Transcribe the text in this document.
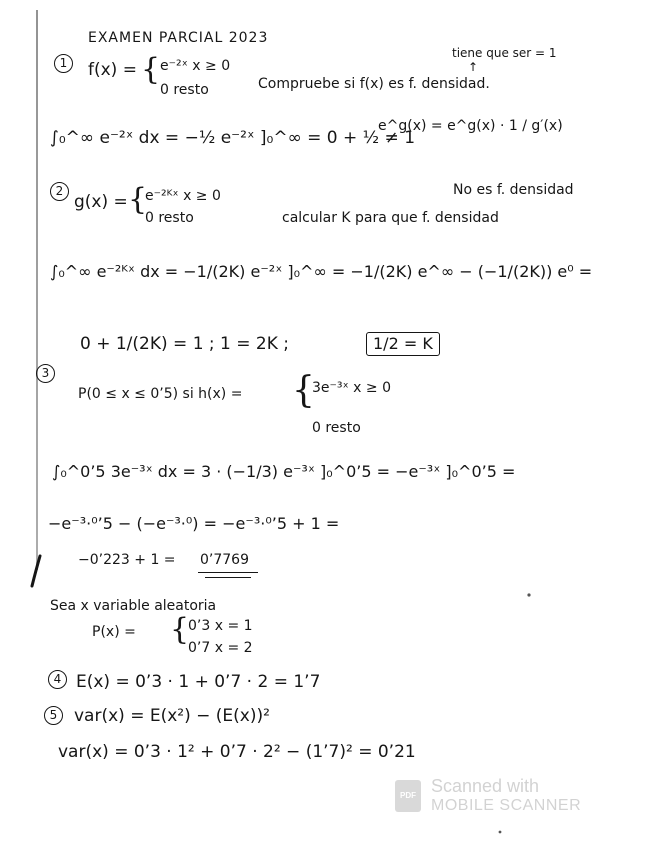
EXAMEN PARCIAL 2023
tiene que ser = 1
↑
1	f(x) = { e⁻²ˣ x ≥ 0
0 resto	Compruebe si f(x) es f. densidad.
∫₀^∞ e⁻²ˣ dx = −½ e⁻²ˣ ]₀^∞ = 0 + ½ ≠ 1
e^g(x) = e^g(x) · 1 / g′(x)
2
g(x) = {
e⁻²ᴷˣ x ≥ 0
0 resto
No es f. densidad
calcular K para que f. densidad
∫₀^∞ e⁻²ᴷˣ dx = −1/(2K) e⁻²ˣ ]₀^∞ = −1/(2K) e^∞ − (−1/(2K)) e⁰ =
0 + 1/(2K) = 1 ; 1 = 2K ;	1/2 = K
3
P(0 ≤ x ≤ 0’5) si h(x) = {
3e⁻³ˣ x ≥ 0
0 resto
∫₀^0’5 3e⁻³ˣ dx = 3 · (−1/3) e⁻³ˣ ]₀^0’5 = −e⁻³ˣ ]₀^0’5 =
−e⁻³·⁰’5 − (−e⁻³·⁰) = −e⁻³·⁰’5 + 1 =
−0’223 + 1 = 0’7769
Sea x variable aleatoria
P(x) = {
0’3 x = 1
0’7 x = 2
4 E(x) = 0’3 · 1 + 0’7 · 2 = 1’7
5 var(x) = E(x²) − (E(x))²
var(x) = 0’3 · 1² + 0’7 · 2² − (1’7)² = 0’21
PDF Scanned with
MOBILE SCANNER
